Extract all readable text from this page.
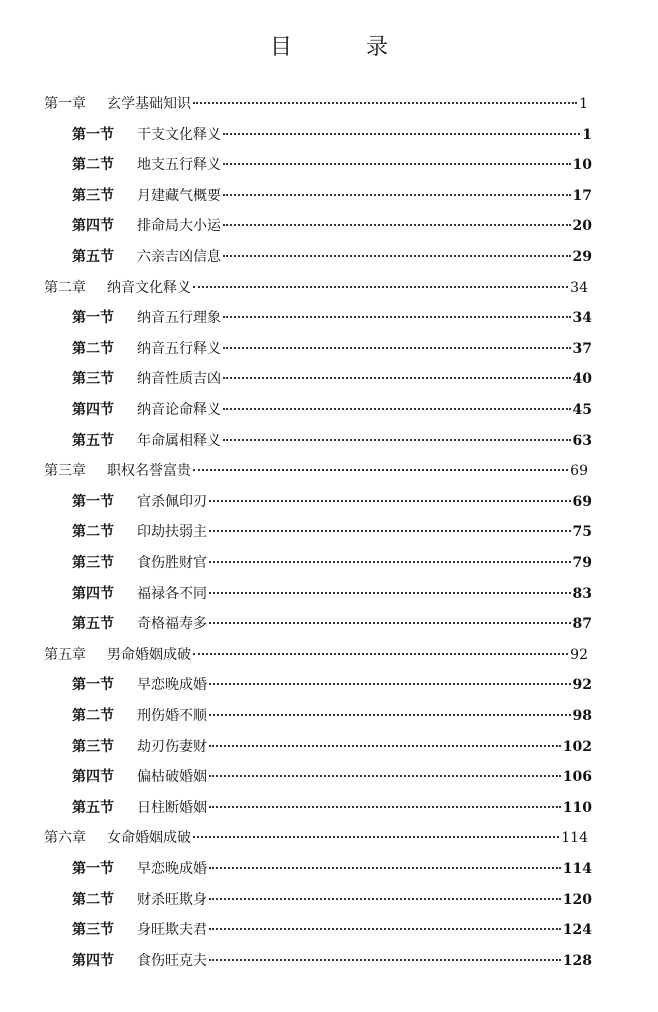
目　录
第一章	玄学基础知识	1
第一节	干支文化释义	1
第二节	地支五行释义	10
第三节	月建藏气概要	17
第四节	排命局大小运	20
第五节	六亲吉凶信息	29
第二章	纳音文化释义	34
第一节	纳音五行理象	34
第二节	纳音五行释义	37
第三节	纳音性质吉凶	40
第四节	纳音论命释义	45
第五节	年命属相释义	63
第三章	职权名誉富贵	69
第一节	官杀佩印刃	69
第二节	印劫扶弱主	75
第三节	食伤胜财官	79
第四节	福禄各不同	83
第五节	奇格福寿多	87
第五章	男命婚姻成破	92
第一节	早恋晚成婚	92
第二节	刑伤婚不顺	98
第三节	劫刃伤妻财	102
第四节	偏枯破婚姻	106
第五节	日柱断婚姻	110
第六章	女命婚姻成破	114
第一节	早恋晚成婚	114
第二节	财杀旺欺身	120
第三节	身旺欺夫君	124
第四节	食伤旺克夫	128
